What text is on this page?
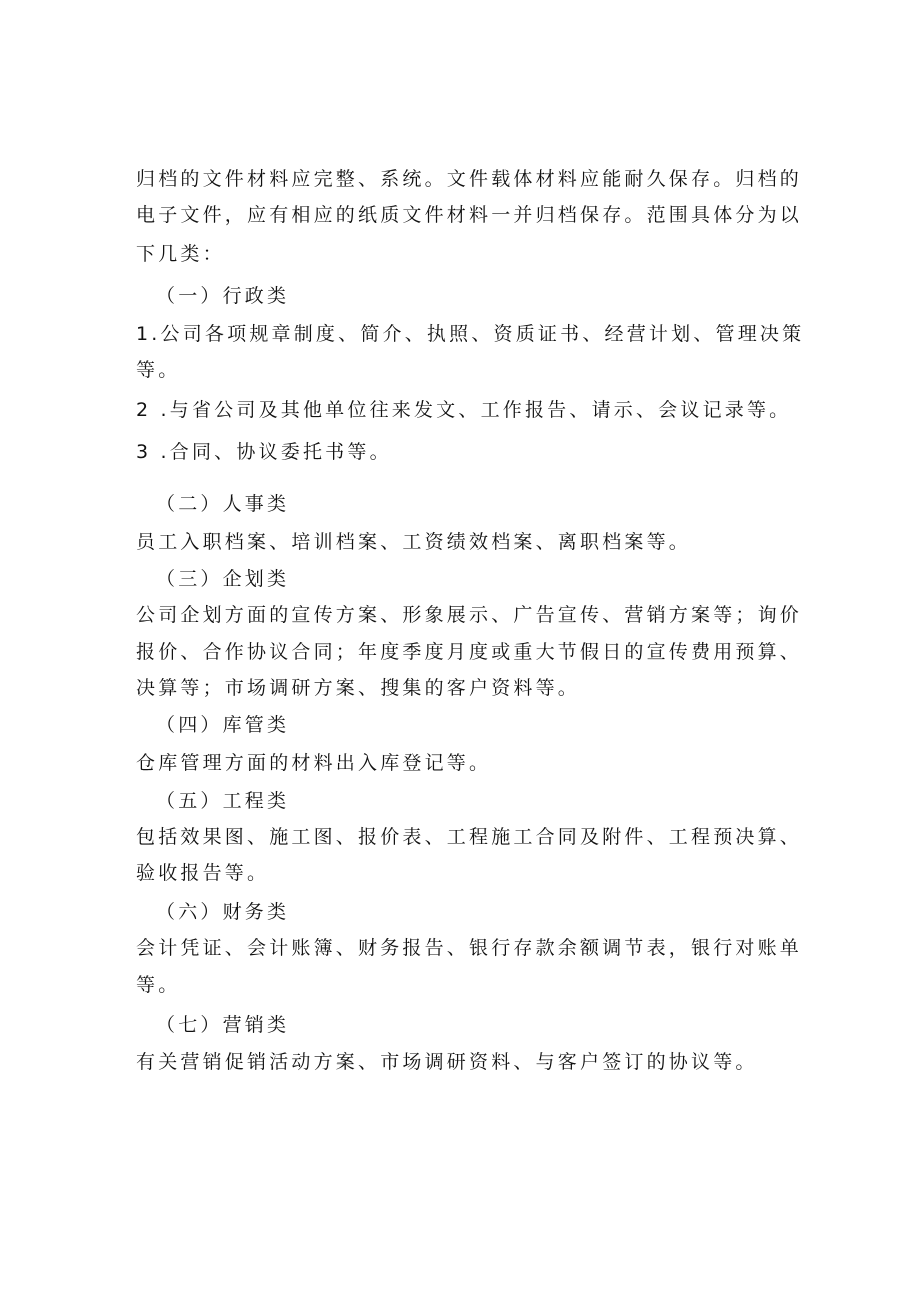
归档的文件材料应完整、系统。文件载体材料应能耐久保存。归档的
电子文件，应有相应的纸质文件材料一并归档保存。范围具体分为以
下几类：
（一）行政类
1.公司各项规章制度、简介、执照、资质证书、经营计划、管理决策
等。
2 .与省公司及其他单位往来发文、工作报告、请示、会议记录等。
3 .合同、协议委托书等。
（二）人事类
员工入职档案、培训档案、工资绩效档案、离职档案等。
（三）企划类
公司企划方面的宣传方案、形象展示、广告宣传、营销方案等；询价
报价、合作协议合同；年度季度月度或重大节假日的宣传费用预算、
决算等；市场调研方案、搜集的客户资料等。
（四）库管类
仓库管理方面的材料出入库登记等。
（五）工程类
包括效果图、施工图、报价表、工程施工合同及附件、工程预决算、
验收报告等。
（六）财务类
会计凭证、会计账簿、财务报告、银行存款余额调节表，银行对账单
等。
（七）营销类
有关营销促销活动方案、市场调研资料、与客户签订的协议等。
